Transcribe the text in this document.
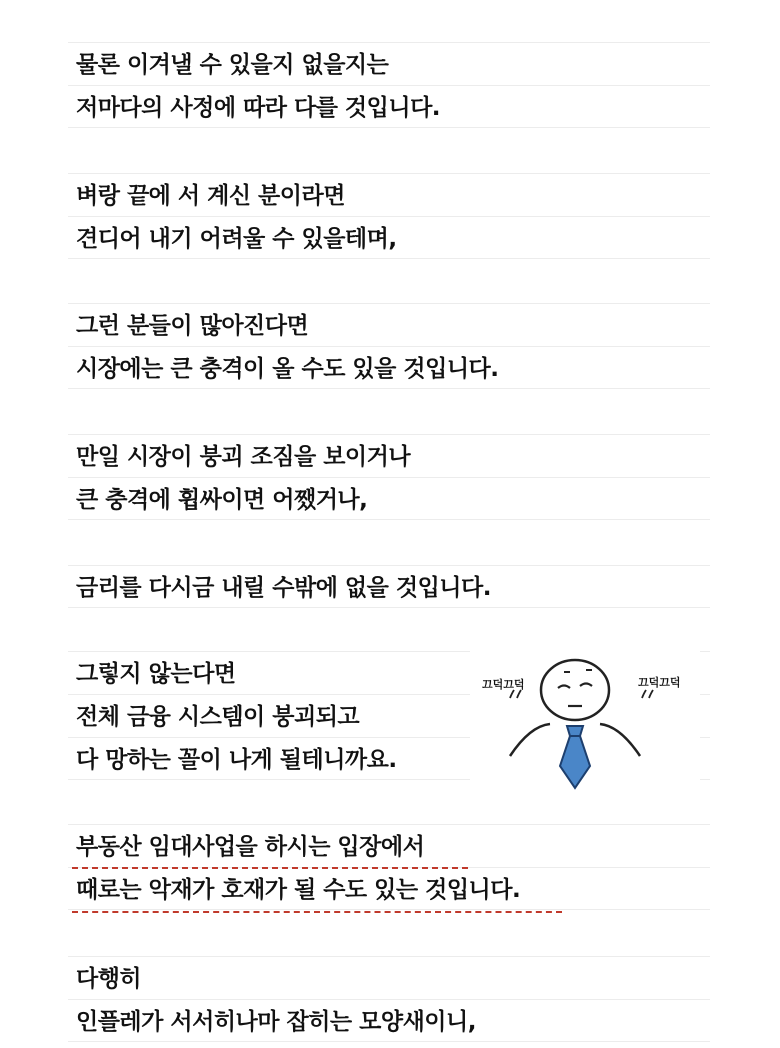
물론 이겨낼 수 있을지 없을지는
저마다의 사정에 따라 다를 것입니다.
벼랑 끝에 서 계신 분이라면
견디어 내기 어려울 수 있을테며,
그런 분들이 많아진다면
시장에는 큰 충격이 올 수도 있을 것입니다.
만일 시장이 붕괴 조짐을 보이거나
큰 충격에 휩싸이면 어쨌거나,
금리를 다시금 내릴 수밖에 없을 것입니다.
그렇지 않는다면
전체 금융 시스템이 붕괴되고
다 망하는 꼴이 나게 될테니까요.
끄덕끄덕	끄덕끄덕
부동산 임대사업을 하시는 입장에서
때로는 악재가 호재가 될 수도 있는 것입니다.
다행히
인플레가 서서히나마 잡히는 모양새이니,
